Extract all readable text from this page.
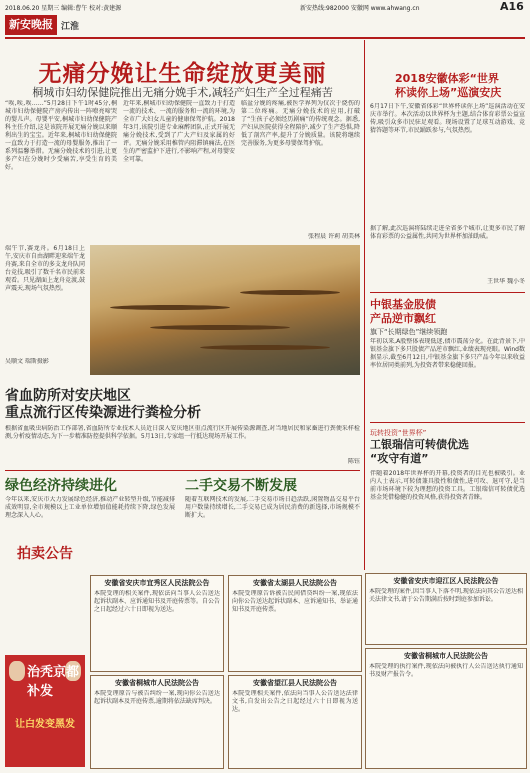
2018.06.20 星期三 编辑:曹午 校对:黄建源	新安热线:982000 安徽网 www.ahwang.cn	A16
新安晚报 江淮
无痛分娩让生命绽放更美丽
桐城市妇幼保健院推出无痛分娩手术,减轻产妇生产全过程痛苦
“唉,唉,唉……”5月28日下午1时45分,桐城市妇幼保健院产房内传出一阵嘹亮啼哭的婴儿声。母婴平安,桐城市妇幼保健院产科主任介绍,这是该院开展无痛分娩以来顺利出生的宝宝。近年来,桐城市妇幼保健院一直致力于打造一流的母婴服务,推出了一系列温馨举措。无痛分娩技术的引进,让更多产妇在分娩时少受痛苦,享受生育的美好。
近年来,桐城市妇幼保健院一直致力于打造一流的技术、一流的服务和一流的环境,为全市广大妇女儿童的健康保驾护航。2018年3月,该院引进专业麻醉团队,正式开展无痛分娩技术,受到了广大产妇及家属的好评。无痛分娩采用椎管内阻滞镇痛法,在医生的严密监护下进行,不影响产程,对母婴安全可靠。
临盆分娩的疼痛,被医学界列为仅次于烧伤的第二位疼痛。无痛分娩技术的应用,打破了“生孩子必须经历剧痛”的传统观念。据悉,产妇从医院获得全程陪护,减少了生产恐惧,降低了剖宫产率,提升了分娩质量。该院将继续完善服务,为更多母婴保驾护航。
张程晨 许莉 胡美林
端午节,赛龙舟。6月18日上午,安庆市自由湖畔迎来端午龙舟赛,来自全市的多支龙舟队同台竞技,吸引了数千名市民前来观看。只见湖面上龙舟竞渡,鼓声震天,现场气氛热烈。
吴顺文 瑞斯摄影
省血防所对安庆地区
重点流行区传染源进行粪检分析
根据省血吸虫病防治工作部署,省血防所专业技术人员近日深入安庆地区重点流行区开展传染源调查,对当地居民和家畜进行粪便采样检测,分析疫情动态,为下一步精准防控提供科学依据。5月13日,专家组一行抵达现场开展工作。
陈钰
绿色经济持续进化	二手交易不断发展
今年以来,安庆市大力发展绿色经济,推动产业转型升级,节能减排成效明显,全市规模以上工业单位增加值能耗持续下降,绿色发展理念深入人心。
随着互联网技术的发展,二手交易市场日趋活跃,闲置物品交易平台用户数量持续增长,二手交易已成为居民消费的新选择,市场规模不断扩大。
拍卖公告
治秃京都补发
让白发变黑发
安徽省安庆市宜秀区人民法院公告
本院受理的相关案件,现依法向当事人公告送达起诉状副本、应诉通知书及开庭传票等。自公告之日起经过六十日即视为送达。
安徽省太湖县人民法院公告
本院受理原告诉被告民间借贷纠纷一案,现依法向你公告送达起诉状副本、应诉通知书、举证通知书及开庭传票。
安徽省安庆市迎江区人民法院公告
本院受理的案件,因当事人下落不明,现依法向其公告送达相关法律文书,请于公告期满后按时到庭参加诉讼。
安徽省桐城市人民法院公告
本院受理原告与被告纠纷一案,现向你公告送达起诉状副本及开庭传票,逾期将依法缺席判决。
安徽省望江县人民法院公告
本院受理相关案件,依法向当事人公告送达法律文书,自发出公告之日起经过六十日即视为送达。
安徽省桐城市人民法院公告
本院受理的执行案件,现依法向被执行人公告送达执行通知书及财产报告令。
2018安徽体彩“世界
杯读你上场”巡演安庆
6月17日下午,安徽省体彩“世界杯读你上场”巡演活动在安庆市举行。本次活动以世界杯为主题,结合体育彩票公益宣传,吸引众多市民驻足观看。现场设置了足球互动游戏、竞猜答题等环节,市民踊跃参与,气氛热烈。
据了解,此次巡演将陆续走进全省多个城市,让更多市民了解体育彩票的公益属性,共同为世界杯加油助威。
王世华 魏小冬
中银基金股债
产品逆市飘红
旗下“长期绿色”继续领跑
年初以来,A股整体表现低迷,债市震荡分化。在此背景下,中银基金旗下多只股债产品逆市飘红,业绩表现亮眼。Wind数据显示,截至6月12日,中银基金旗下多只产品今年以来收益率位居同类前列,为投资者带来稳健回报。
玩转投资“世界杯”
工银瑞信可转债优选
“攻守有道”
伴随着2018年世界杯的开幕,投资者的目光也被吸引。业内人士表示,可转债兼具股性和债性,进可攻、退可守,是当前市场环境下较为理想的投资工具。工银瑞信可转债优选基金凭借稳健的投资风格,获得投资者青睐。
